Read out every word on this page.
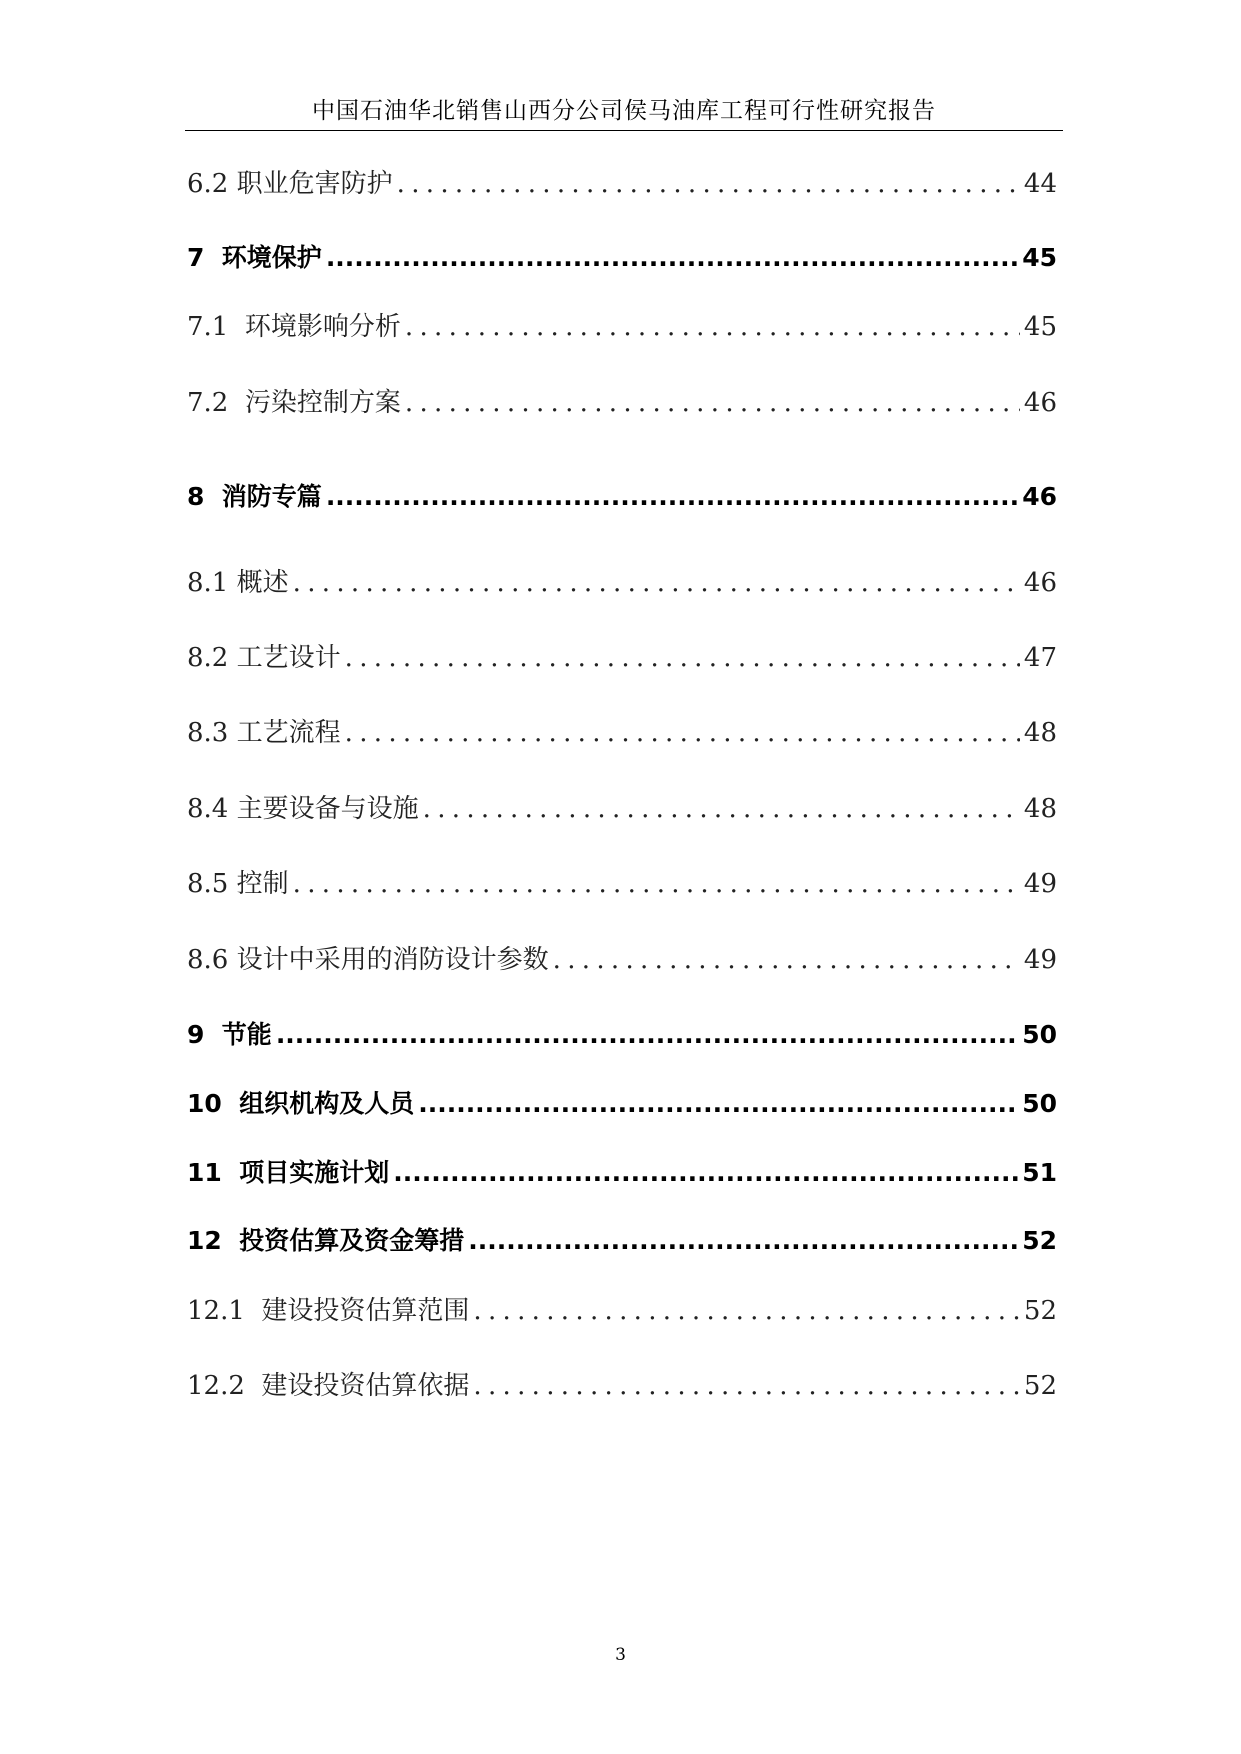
中国石油华北销售山西分公司侯马油库工程可行性研究报告
6.2 职业危害防护 .....	44
7  环境保护 .....	45
7.1  环境影响分析 .....	45
7.2  污染控制方案 .....	46
8  消防专篇 .....	46
8.1 概述 .....	46
8.2 工艺设计 .....	47
8.3 工艺流程 .....	48
8.4 主要设备与设施 .....	48
8.5 控制 .....	49
8.6 设计中采用的消防设计参数 .....	49
9  节能 .....	50
10  组织机构及人员 .....	50
11  项目实施计划 .....	51
12  投资估算及资金筹措 .....	52
12.1  建设投资估算范围 .....	52
12.2  建设投资估算依据 .....	52
3
